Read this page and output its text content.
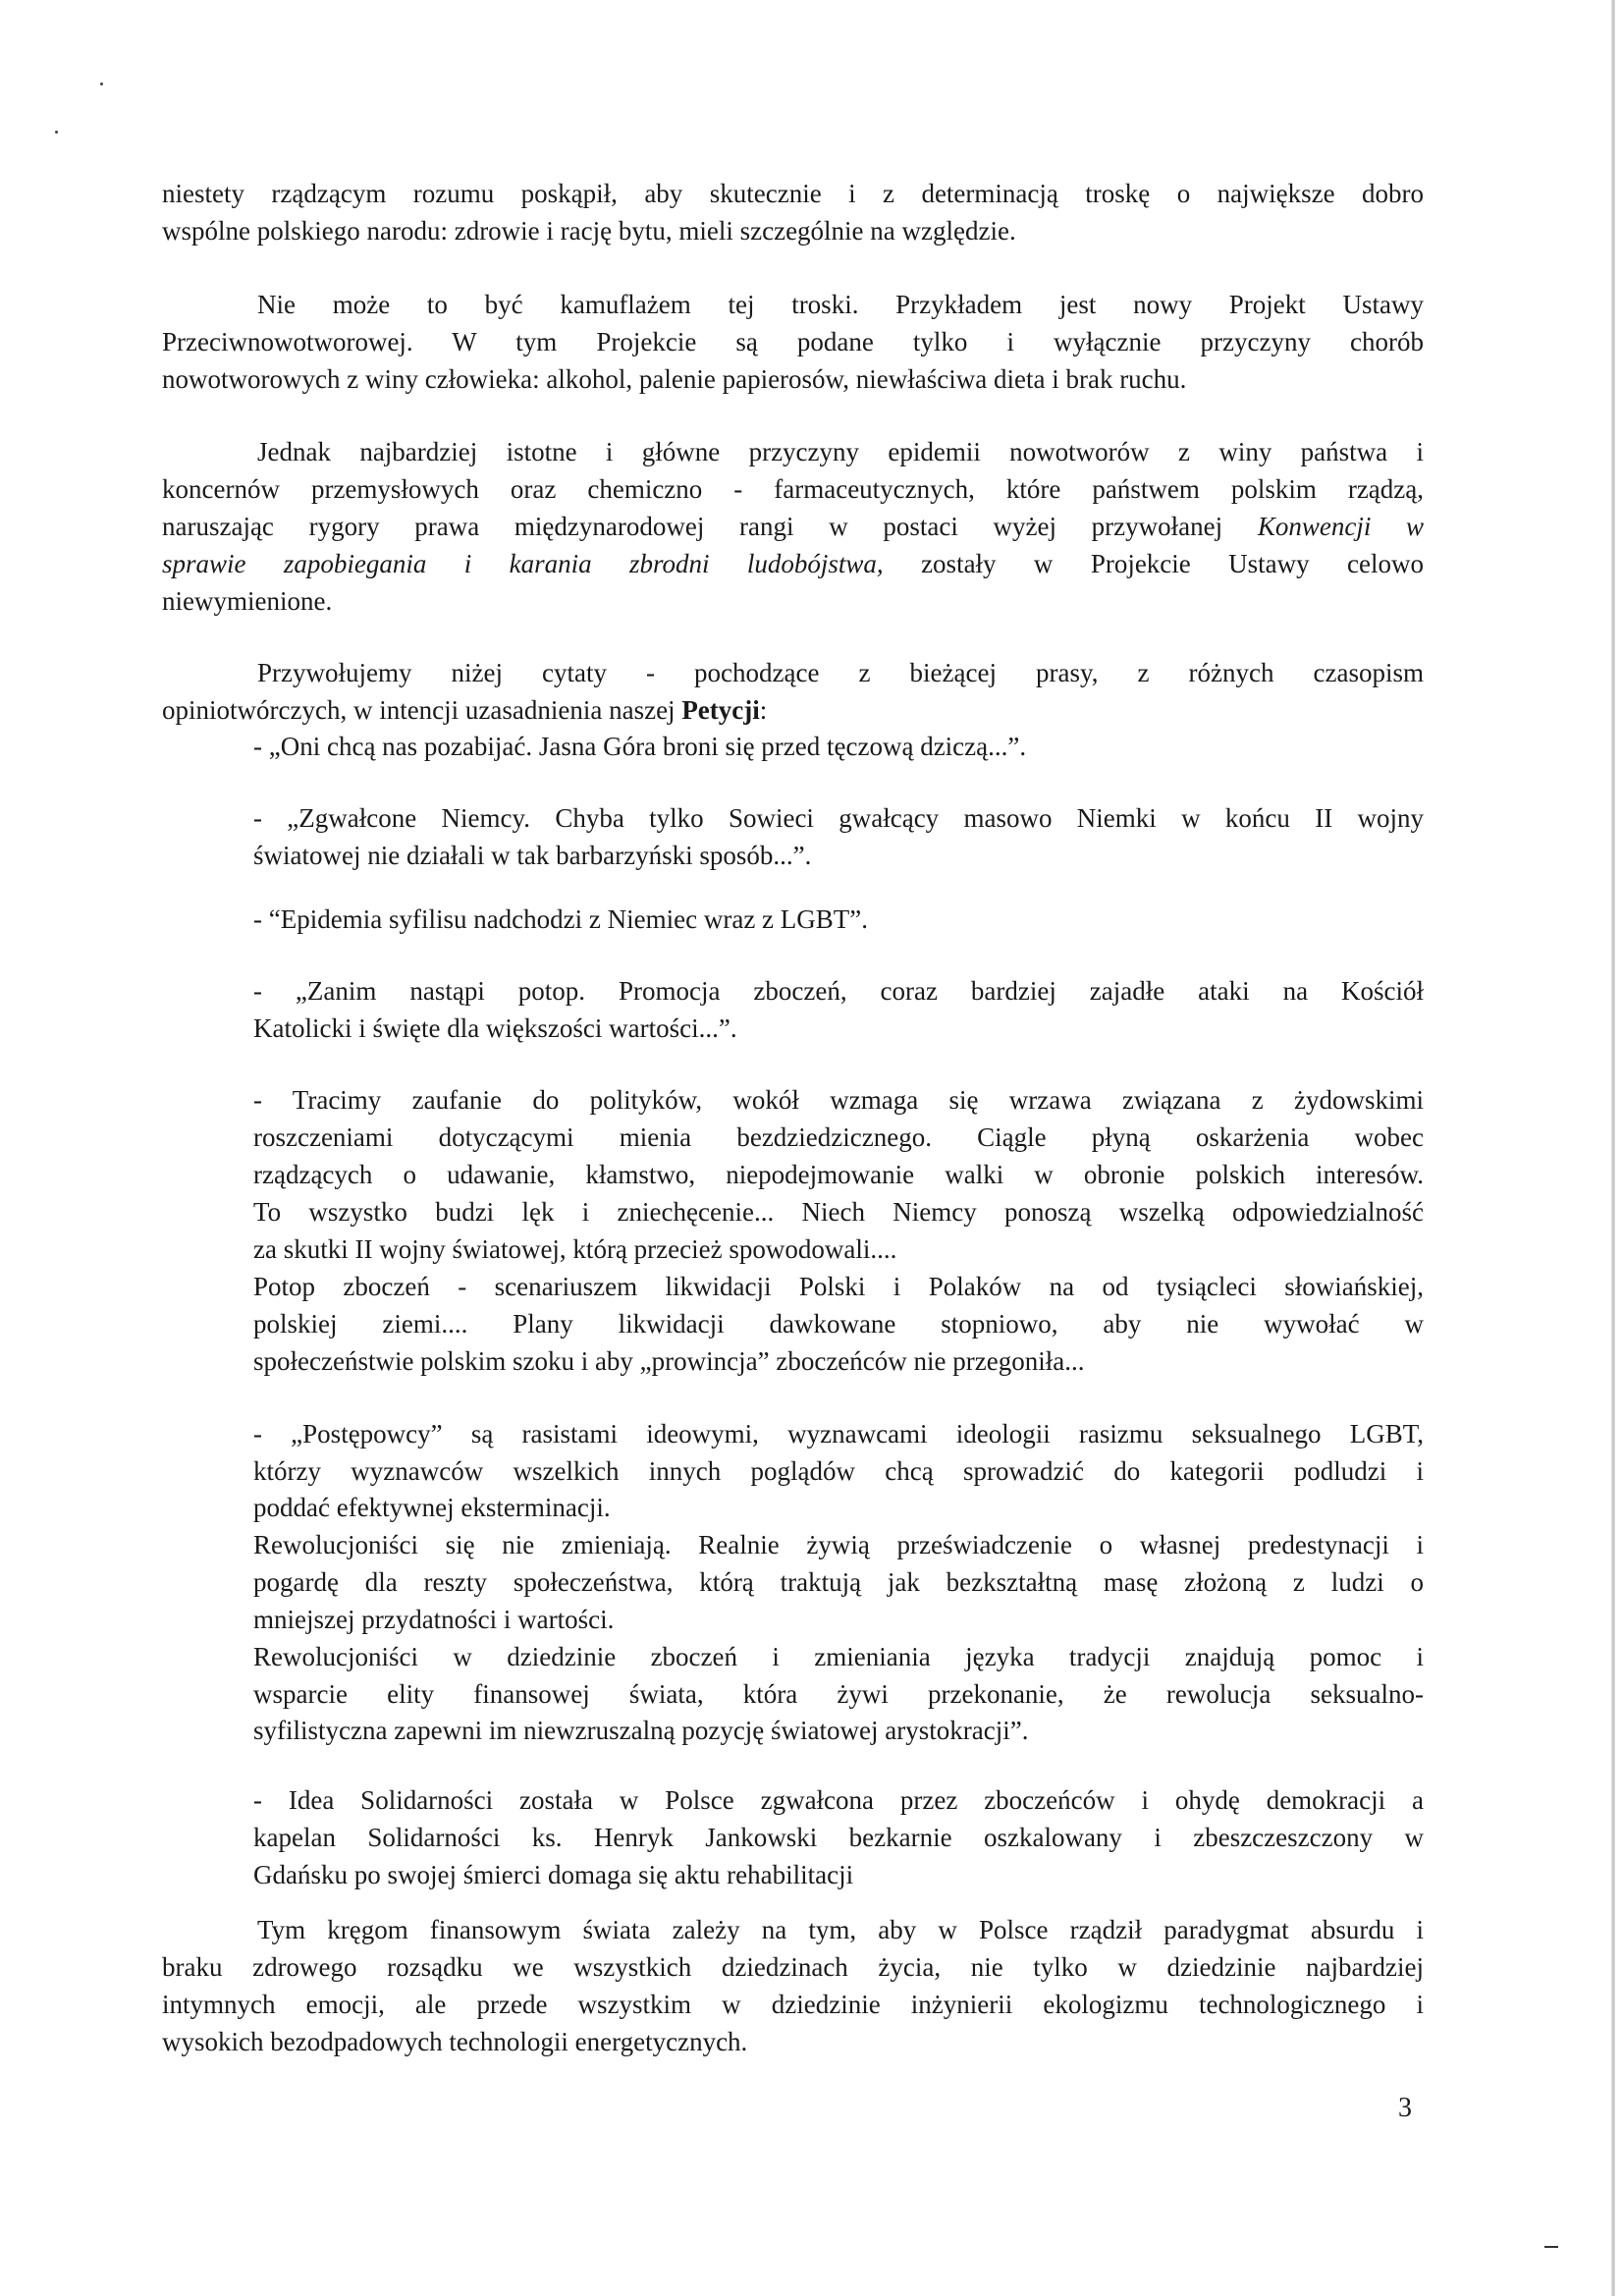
niestety rządzącym rozumu poskąpił, aby skutecznie i z determinacją troskę o największe dobro
wspólne polskiego narodu: zdrowie i rację bytu, mieli szczególnie na względzie.
Nie może to być kamuflażem tej troski. Przykładem jest nowy Projekt Ustawy
Przeciwnowotworowej. W tym Projekcie są podane tylko i wyłącznie przyczyny chorób
nowotworowych z winy człowieka: alkohol, palenie papierosów, niewłaściwa dieta i brak ruchu.
Jednak najbardziej istotne i główne przyczyny epidemii nowotworów z winy państwa i
koncernów przemysłowych oraz chemiczno - farmaceutycznych, które państwem polskim rządzą,
naruszając rygory prawa międzynarodowej rangi w postaci wyżej przywołanej Konwencji w
sprawie zapobiegania i karania zbrodni ludobójstwa, zostały w Projekcie Ustawy celowo
niewymienione.
Przywołujemy niżej cytaty - pochodzące z bieżącej prasy, z różnych czasopism
opiniotwórczych, w intencji uzasadnienia naszej Petycji:
- „Oni chcą nas pozabijać. Jasna Góra broni się przed tęczową dziczą...”.
- „Zgwałcone Niemcy. Chyba tylko Sowieci gwałcący masowo Niemki w końcu II wojny
światowej nie działali w tak barbarzyński sposób...”.
- “Epidemia syfilisu nadchodzi z Niemiec wraz z LGBT”.
- „Zanim nastąpi potop. Promocja zboczeń, coraz bardziej zajadłe ataki na Kościół
Katolicki i święte dla większości wartości...”.
- Tracimy zaufanie do polityków, wokół wzmaga się wrzawa związana z żydowskimi
roszczeniami dotyczącymi mienia bezdziedzicznego. Ciągle płyną oskarżenia wobec
rządzących o udawanie, kłamstwo, niepodejmowanie walki w obronie polskich interesów.
To wszystko budzi lęk i zniechęcenie... Niech Niemcy ponoszą wszelką odpowiedzialność
za skutki II wojny światowej, którą przecież spowodowali....
Potop zboczeń - scenariuszem likwidacji Polski i Polaków na od tysiącleci słowiańskiej,
polskiej ziemi.... Plany likwidacji dawkowane stopniowo, aby nie wywołać w
społeczeństwie polskim szoku i aby „prowincja” zboczeńców nie przegoniła...
- „Postępowcy” są rasistami ideowymi, wyznawcami ideologii rasizmu seksualnego LGBT,
którzy wyznawców wszelkich innych poglądów chcą sprowadzić do kategorii podludzi i
poddać efektywnej eksterminacji.
Rewolucjoniści się nie zmieniają. Realnie żywią przeświadczenie o własnej predestynacji i
pogardę dla reszty społeczeństwa, którą traktują jak bezkształtną masę złożoną z ludzi o
mniejszej przydatności i wartości.
Rewolucjoniści w dziedzinie zboczeń i zmieniania języka tradycji znajdują pomoc i
wsparcie elity finansowej świata, która żywi przekonanie, że rewolucja seksualno-
syfilistyczna zapewni im niewzruszalną pozycję światowej arystokracji”.
- Idea Solidarności została w Polsce zgwałcona przez zboczeńców i ohydę demokracji a
kapelan Solidarności ks. Henryk Jankowski bezkarnie oszkalowany i zbeszczeszczony w
Gdańsku po swojej śmierci domaga się aktu rehabilitacji
Tym kręgom finansowym świata zależy na tym, aby w Polsce rządził paradygmat absurdu i
braku zdrowego rozsądku we wszystkich dziedzinach życia, nie tylko w dziedzinie najbardziej
intymnych emocji, ale przede wszystkim w dziedzinie inżynierii ekologizmu technologicznego i
wysokich bezodpadowych technologii energetycznych.
3
